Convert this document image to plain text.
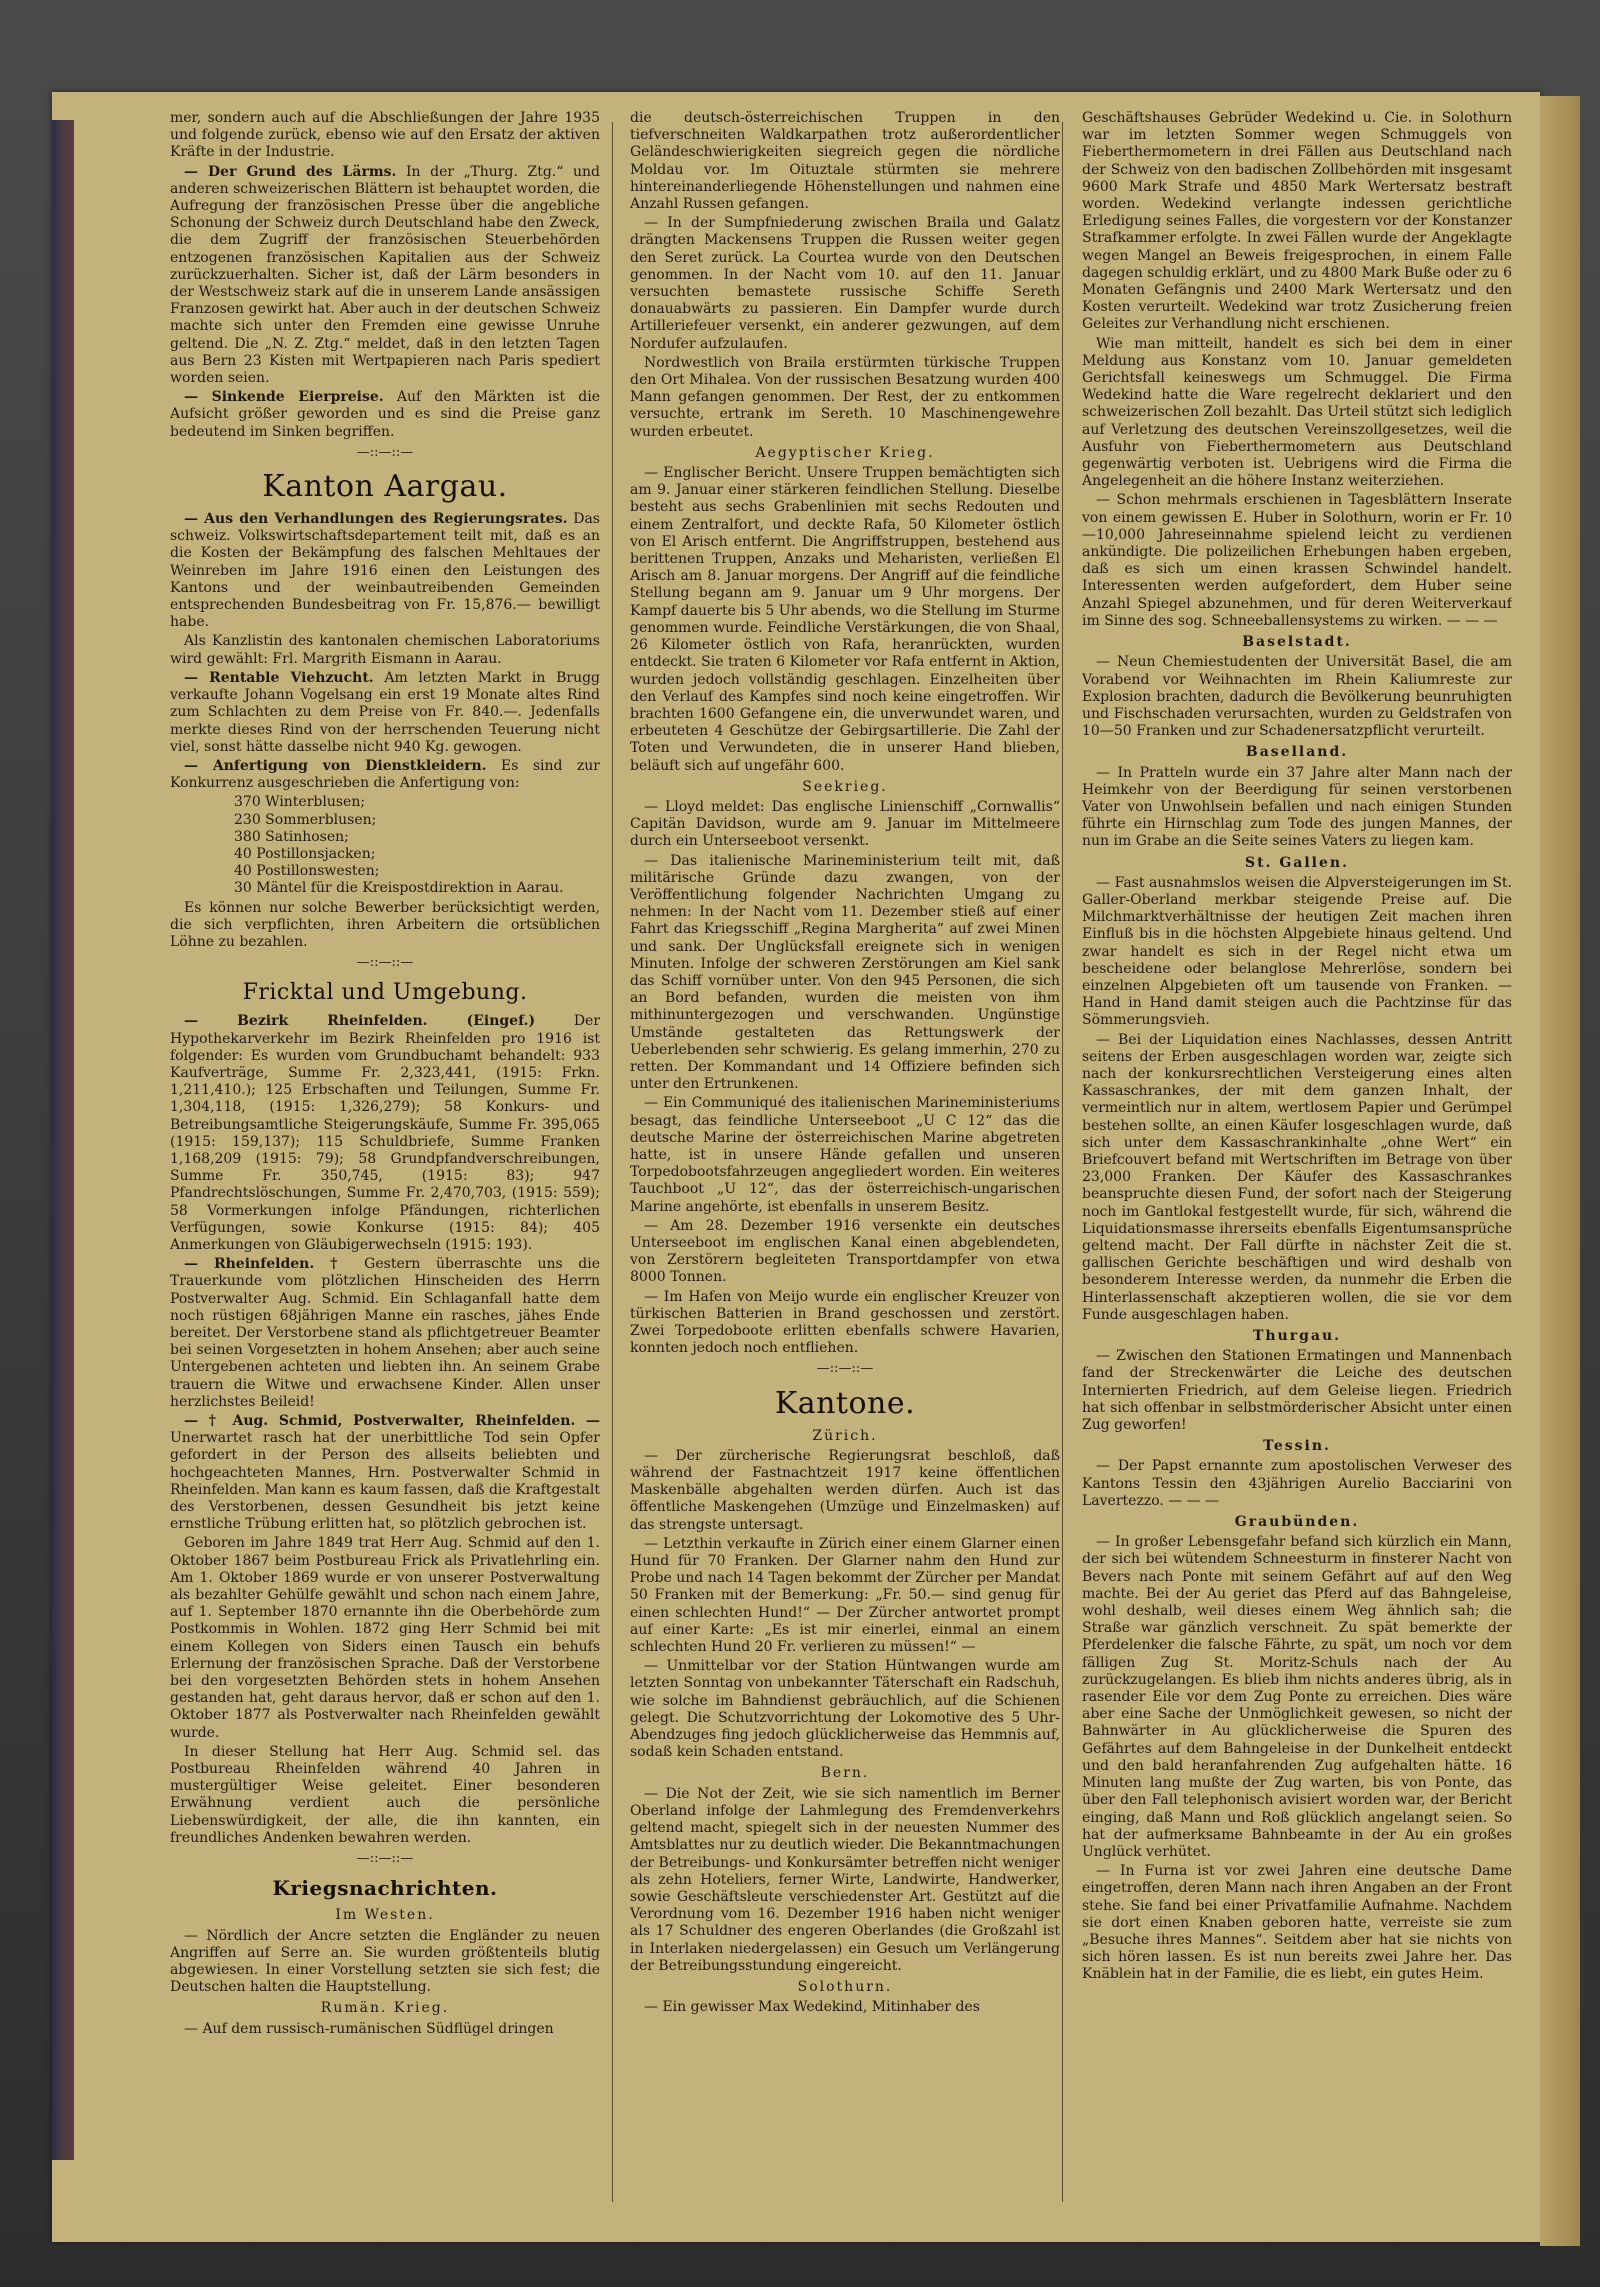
mer, sondern auch auf die Abschließungen der Jahre 1935 und folgende zurück, ebenso wie auf den Ersatz der aktiven Kräfte in der Industrie.

— Der Grund des Lärms. In der „Thurg. Ztg.“ und anderen schweizerischen Blättern ist behauptet worden, die Aufregung der französischen Presse über die angebliche Schonung der Schweiz durch Deutschland habe den Zweck, die dem Zugriff der französischen Steuerbehörden entzogenen französischen Kapitalien aus der Schweiz zurückzuerhalten. Sicher ist, daß der Lärm besonders in der Westschweiz stark auf die in unserem Lande ansässigen Franzosen gewirkt hat. Aber auch in der deutschen Schweiz machte sich unter den Fremden eine gewisse Unruhe geltend. Die „N. Z. Ztg.“ meldet, daß in den letzten Tagen aus Bern 23 Kisten mit Wertpapieren nach Paris spediert worden seien.

— Sinkende Eierpreise. Auf den Märkten ist die Aufsicht größer geworden und es sind die Preise ganz bedeutend im Sinken begriffen.

—::—::—
Kanton Aargau.

— Aus den Verhandlungen des Regierungsrates. Das schweiz. Volkswirtschaftsdepartement teilt mit, daß es an die Kosten der Bekämpfung des falschen Mehltaues der Weinreben im Jahre 1916 einen den Leistungen des Kantons und der weinbautreibenden Gemeinden entsprechenden Bundesbeitrag von Fr. 15,876.— bewilligt habe.

Als Kanzlistin des kantonalen chemischen Laboratoriums wird gewählt: Frl. Margrith Eismann in Aarau.

— Rentable Viehzucht. Am letzten Markt in Brugg verkaufte Johann Vogelsang ein erst 19 Monate altes Rind zum Schlachten zu dem Preise von Fr. 840.—. Jedenfalls merkte dieses Rind von der herrschenden Teuerung nicht viel, sonst hätte dasselbe nicht 940 Kg. gewogen.

— Anfertigung von Dienstkleidern. Es sind zur Konkurrenz ausgeschrieben die Anfertigung von:

370 Winterblusen;
230 Sommerblusen;
380 Satinhosen;
40 Postillonsjacken;
40 Postillonswesten;
30 Mäntel für die Kreispostdirektion in Aarau.

Es können nur solche Bewerber berücksichtigt werden, die sich verpflichten, ihren Arbeitern die ortsüblichen Löhne zu bezahlen.

—::—::—
Fricktal und Umgebung.

— Bezirk Rheinfelden. (Eingef.)	Der Hypothekarverkehr im Bezirk Rheinfelden pro 1916 ist folgender: Es wurden vom Grundbuchamt behandelt: 933 Kaufverträge, Summe Fr. 2,323,441, (1915: Frkn. 1,211,410.); 125 Erbschaften und Teilungen, Summe Fr. 1,304,118, (1915: 1,326,279); 58 Konkurs- und Betreibungsamtliche Steigerungskäufe, Summe Fr. 395,065 (1915: 159,137); 115 Schuldbriefe, Summe Franken 1,168,209 (1915: 79); 58 Grundpfandverschreibungen, Summe Fr. 350,745, (1915: 83); 947 Pfandrechtslöschungen, Summe Fr. 2,470,703, (1915: 559); 58 Vormerkungen infolge Pfändungen, richterlichen Verfügungen, sowie Konkurse (1915: 84); 405 Anmerkungen von Gläubigerwechseln (1915: 193).

— Rheinfelden. † Gestern überraschte uns die Trauerkunde vom plötzlichen Hinscheiden des Herrn Postverwalter Aug. Schmid. Ein Schlaganfall hatte dem noch rüstigen 68jährigen Manne ein rasches, jähes Ende bereitet. Der Verstorbene stand als pflichtgetreuer Beamter bei seinen Vorgesetzten in hohem Ansehen; aber auch seine Untergebenen achteten und liebten ihn. An seinem Grabe trauern die Witwe und erwachsene Kinder. Allen unser herzlichstes Beileid!

— † Aug. Schmid, Postverwalter, Rheinfelden. — Unerwartet rasch hat der unerbittliche Tod sein Opfer gefordert in der Person des allseits beliebten und hochgeachteten Mannes, Hrn. Postverwalter Schmid in Rheinfelden. Man kann es kaum fassen, daß die Kraftgestalt des Verstorbenen, dessen Gesundheit bis jetzt keine ernstliche Trübung erlitten hat, so plötzlich gebrochen ist.

Geboren im Jahre 1849 trat Herr Aug. Schmid auf den 1. Oktober 1867 beim Postbureau Frick als Privatlehrling ein. Am 1. Oktober 1869 wurde er von unserer Postverwaltung als bezahlter Gehülfe gewählt und schon nach einem Jahre, auf 1. September 1870 ernannte ihn die Oberbehörde zum Postkommis in Wohlen. 1872 ging Herr Schmid bei mit einem Kollegen von Siders einen Tausch ein behufs Erlernung der französischen Sprache. Daß der Verstorbene bei den vorgesetzten Behörden stets in hohem Ansehen gestanden hat, geht daraus hervor, daß er schon auf den 1. Oktober 1877 als Postverwalter nach Rheinfelden gewählt wurde.

In dieser Stellung hat Herr Aug. Schmid sel. das Postbureau Rheinfelden während 40 Jahren in mustergültiger Weise geleitet. Einer besonderen Erwähnung verdient auch die persönliche Liebenswürdigkeit, der alle, die ihn kannten, ein freundliches Andenken bewahren werden.

—::—::—
Kriegsnachrichten.
Im Westen.

— Nördlich der Ancre setzten die Engländer zu neuen Angriffen auf Serre an. Sie wurden größtenteils blutig abgewiesen. In einer Vorstellung setzten sie sich fest; die Deutschen halten die Hauptstellung.

Rumän. Krieg.

— Auf dem russisch-rumänischen Südflügel dringen

die deutsch-österreichischen Truppen in den tiefverschneiten Waldkarpathen trotz außerordentlicher Geländeschwierigkeiten siegreich gegen die nördliche Moldau vor. Im Oituztale stürmten sie mehrere hintereinanderliegende Höhenstellungen und nahmen eine Anzahl Russen gefangen.

— In der Sumpfniederung zwischen Braila und Galatz drängten Mackensens Truppen die Russen weiter gegen den Seret zurück. La Courtea wurde von den Deutschen genommen. In der Nacht vom 10. auf den 11. Januar versuchten bemastete russische Schiffe Sereth donauabwärts zu passieren. Ein Dampfer wurde durch Artilleriefeuer versenkt, ein anderer gezwungen, auf dem Nordufer aufzulaufen.

Nordwestlich von Braila erstürmten türkische Truppen den Ort Mihalea. Von der russischen Besatzung wurden 400 Mann gefangen genommen. Der Rest, der zu entkommen versuchte, ertrank im Sereth. 10 Maschinengewehre wurden erbeutet.

Aegyptischer Krieg.

— Englischer Bericht. Unsere Truppen bemächtigten sich am 9. Januar einer stärkeren feindlichen Stellung. Dieselbe besteht aus sechs Grabenlinien mit sechs Redouten und einem Zentralfort, und deckte Rafa, 50 Kilometer östlich von El Arisch entfernt. Die Angriffstruppen, bestehend aus berittenen Truppen, Anzaks und Meharisten, verließen El Arisch am 8. Januar morgens. Der Angriff auf die feindliche Stellung begann am 9. Januar um 9 Uhr morgens. Der Kampf dauerte bis 5 Uhr abends, wo die Stellung im Sturme genommen wurde. Feindliche Verstärkungen, die von Shaal, 26 Kilometer östlich von Rafa, heranrückten, wurden entdeckt. Sie traten 6 Kilometer vor Rafa entfernt in Aktion, wurden jedoch vollständig geschlagen. Einzelheiten über den Verlauf des Kampfes sind noch keine eingetroffen. Wir brachten 1600 Gefangene ein, die unverwundet waren, und erbeuteten 4 Geschütze der Gebirgsartillerie. Die Zahl der Toten und Verwundeten, die in unserer Hand blieben, beläuft sich auf ungefähr 600.

Seekrieg.

— Lloyd meldet: Das englische Linienschiff „Cornwallis“ Capitän Davidson, wurde am 9. Januar im Mittelmeere durch ein Unterseeboot versenkt.

— Das italienische Marineministerium teilt mit, daß militärische Gründe dazu zwangen, von der Veröffentlichung folgender Nachrichten Umgang zu nehmen: In der Nacht vom 11. Dezember stieß auf einer Fahrt das Kriegsschiff „Regina Margherita“ auf zwei Minen und sank. Der Unglücksfall ereignete sich in wenigen Minuten. Infolge der schweren Zerstörungen am Kiel sank das Schiff vornüber unter. Von den 945 Personen, die sich an Bord befanden, wurden die meisten von ihm mithinuntergezogen und verschwanden. Ungünstige Umstände gestalteten das Rettungswerk der Ueberlebenden sehr schwierig. Es gelang immerhin, 270 zu retten. Der Kommandant und 14 Offiziere befinden sich unter den Ertrunkenen.

— Ein Communiqué des italienischen Marineministeriums besagt, das feindliche Unterseeboot „U C 12“ das die deutsche Marine der österreichischen Marine abgetreten hatte, ist in unsere Hände gefallen und unseren Torpedobootsfahrzeugen angegliedert worden. Ein weiteres Tauchboot „U 12“, das der österreichisch-ungarischen Marine angehörte, ist ebenfalls in unserem Besitz.

— Am 28. Dezember 1916 versenkte ein deutsches Unterseeboot im englischen Kanal einen abgeblendeten, von Zerstörern begleiteten Transportdampfer von etwa 8000 Tonnen.

— Im Hafen von Meijo wurde ein englischer Kreuzer von türkischen Batterien in Brand geschossen und zerstört. Zwei Torpedoboote erlitten ebenfalls schwere Havarien, konnten jedoch noch entfliehen.

—::—::—
Kantone.
Zürich.

— Der zürcherische Regierungsrat beschloß, daß während der Fastnachtzeit 1917 keine öffentlichen Maskenbälle abgehalten werden dürfen. Auch ist das öffentliche Maskengehen (Umzüge und Einzelmasken) auf das strengste untersagt.

— Letzthin verkaufte in Zürich einer einem Glarner einen Hund für 70 Franken. Der Glarner nahm den Hund zur Probe und nach 14 Tagen bekommt der Zürcher per Mandat 50 Franken mit der Bemerkung: „Fr. 50.— sind genug für einen schlechten Hund!“ — Der Zürcher antwortet prompt auf einer Karte: „Es ist mir einerlei, einmal an einem schlechten Hund 20 Fr. verlieren zu müssen!“ —

— Unmittelbar vor der Station Hüntwangen wurde am letzten Sonntag von unbekannter Täterschaft ein Radschuh, wie solche im Bahndienst gebräuchlich, auf die Schienen gelegt. Die Schutzvorrichtung der Lokomotive des 5 Uhr-Abendzuges fing jedoch glücklicherweise das Hemmnis auf, sodaß kein Schaden entstand.

Bern.

— Die Not der Zeit, wie sie sich namentlich im Berner Oberland infolge der Lahmlegung des Fremdenverkehrs geltend macht, spiegelt sich in der neuesten Nummer des Amtsblattes nur zu deutlich wieder. Die Bekanntmachungen der Betreibungs- und Konkursämter betreffen nicht weniger als zehn Hoteliers, ferner Wirte, Landwirte, Handwerker, sowie Geschäftsleute verschiedenster Art. Gestützt auf die Verordnung vom 16. Dezember 1916 haben nicht weniger als 17 Schuldner des engeren Oberlandes (die Großzahl ist in Interlaken niedergelassen) ein Gesuch um Verlängerung der Betreibungsstundung eingereicht.

Solothurn.

— Ein gewisser Max Wedekind, Mitinhaber des

Geschäftshauses Gebrüder Wedekind u. Cie. in Solothurn war im letzten Sommer wegen Schmuggels von Fieberthermometern in drei Fällen aus Deutschland nach der Schweiz von den badischen Zollbehörden mit insgesamt 9600 Mark Strafe und 4850 Mark Wertersatz bestraft worden. Wedekind verlangte indessen gerichtliche Erledigung seines Falles, die vorgestern vor der Konstanzer Strafkammer erfolgte. In zwei Fällen wurde der Angeklagte wegen Mangel an Beweis freigesprochen, in einem Falle dagegen schuldig erklärt, und zu 4800 Mark Buße oder zu 6 Monaten Gefängnis und 2400 Mark Wertersatz und den Kosten verurteilt. Wedekind war trotz Zusicherung freien Geleites zur Verhandlung nicht erschienen.

Wie man mitteilt, handelt es sich bei dem in einer Meldung aus Konstanz vom 10. Januar gemeldeten Gerichtsfall keineswegs um Schmuggel. Die Firma Wedekind hatte die Ware regelrecht deklariert und den schweizerischen Zoll bezahlt. Das Urteil stützt sich lediglich auf Verletzung des deutschen Vereinszollgesetzes, weil die Ausfuhr von Fieberthermometern aus Deutschland gegenwärtig verboten ist. Uebrigens wird die Firma die Angelegenheit an die höhere Instanz weiterziehen.

— Schon mehrmals erschienen in Tagesblättern Inserate von einem gewissen E. Huber in Solothurn, worin er Fr. 10—10,000 Jahreseinnahme spielend leicht zu verdienen ankündigte. Die polizeilichen Erhebungen haben ergeben, daß es sich um einen krassen Schwindel handelt. Interessenten werden aufgefordert, dem Huber seine Anzahl Spiegel abzunehmen, und für deren Weiterverkauf im Sinne des sog. Schneeballensystems zu wirken. — — —

Baselstadt.

— Neun Chemiestudenten der Universität Basel, die am Vorabend vor Weihnachten im Rhein Kaliumreste zur Explosion brachten, dadurch die Bevölkerung beunruhigten und Fischschaden verursachten, wurden zu Geldstrafen von 10—50 Franken und zur Schadenersatzpflicht verurteilt.

Baselland.

— In Pratteln wurde ein 37 Jahre alter Mann nach der Heimkehr von der Beerdigung für seinen verstorbenen Vater von Unwohlsein befallen und nach einigen Stunden führte ein Hirnschlag zum Tode des jungen Mannes, der nun im Grabe an die Seite seines Vaters zu liegen kam.

St. Gallen.

— Fast ausnahmslos weisen die Alpversteigerungen im St. Galler-Oberland merkbar steigende Preise auf. Die Milchmarktverhältnisse der heutigen Zeit machen ihren Einfluß bis in die höchsten Alpgebiete hinaus geltend. Und zwar handelt es sich in der Regel nicht etwa um bescheidene oder belanglose Mehrerlöse, sondern bei einzelnen Alpgebieten oft um tausende von Franken. — Hand in Hand damit steigen auch die Pachtzinse für das Sömmerungsvieh.

— Bei der Liquidation eines Nachlasses, dessen Antritt seitens der Erben ausgeschlagen worden war, zeigte sich nach der konkursrechtlichen Versteigerung eines alten Kassaschrankes, der mit dem ganzen Inhalt, der vermeintlich nur in altem, wertlosem Papier und Gerümpel bestehen sollte, an einen Käufer losgeschlagen wurde, daß sich unter dem Kassaschrankinhalte „ohne Wert“ ein Briefcouvert befand mit Wertschriften im Betrage von über 23,000 Franken. Der Käufer des Kassaschrankes beanspruchte diesen Fund, der sofort nach der Steigerung noch im Gantlokal festgestellt wurde, für sich, während die Liquidationsmasse ihrerseits ebenfalls Eigentumsansprüche geltend macht. Der Fall dürfte in nächster Zeit die st. gallischen Gerichte beschäftigen und wird deshalb von besonderem Interesse werden, da nunmehr die Erben die Hinterlassenschaft akzeptieren wollen, die sie vor dem Funde ausgeschlagen haben.

Thurgau.

— Zwischen den Stationen Ermatingen und Mannenbach fand der Streckenwärter die Leiche des deutschen Internierten Friedrich, auf dem Geleise liegen. Friedrich hat sich offenbar in selbstmörderischer Absicht unter einen Zug geworfen!

Tessin.

— Der Papst ernannte zum apostolischen Verweser des Kantons Tessin den 43jährigen Aurelio Bacciarini von Lavertezzo. — — —

Graubünden.

— In großer Lebensgefahr befand sich kürzlich ein Mann, der sich bei wütendem Schneesturm in finsterer Nacht von Bevers nach Ponte mit seinem Gefährt auf auf den Weg machte. Bei der Au geriet das Pferd auf das Bahngeleise, wohl deshalb, weil dieses einem Weg ähnlich sah; die Straße war gänzlich verschneit. Zu spät bemerkte der Pferdelenker die falsche Fährte, zu spät, um noch vor dem fälligen Zug St. Moritz-Schuls nach der Au zurückzugelangen. Es blieb ihm nichts anderes übrig, als in rasender Eile vor dem Zug Ponte zu erreichen. Dies wäre aber eine Sache der Unmöglichkeit gewesen, so nicht der Bahnwärter in Au glücklicherweise die Spuren des Gefährtes auf dem Bahngeleise in der Dunkelheit entdeckt und den bald heranfahrenden Zug aufgehalten hätte. 16 Minuten lang mußte der Zug warten, bis von Ponte, das über den Fall telephonisch avisiert worden war, der Bericht einging, daß Mann und Roß glücklich angelangt seien. So hat der aufmerksame Bahnbeamte in der Au ein großes Unglück verhütet.

— In Furna ist vor zwei Jahren eine deutsche Dame eingetroffen, deren Mann nach ihren Angaben an der Front stehe. Sie fand bei einer Privatfamilie Aufnahme. Nachdem sie dort einen Knaben geboren hatte, verreiste sie zum „Besuche ihres Mannes“. Seitdem aber hat sie nichts von sich hören lassen. Es ist nun bereits zwei Jahre her. Das Knäblein hat in der Familie, die es liebt, ein gutes Heim.
